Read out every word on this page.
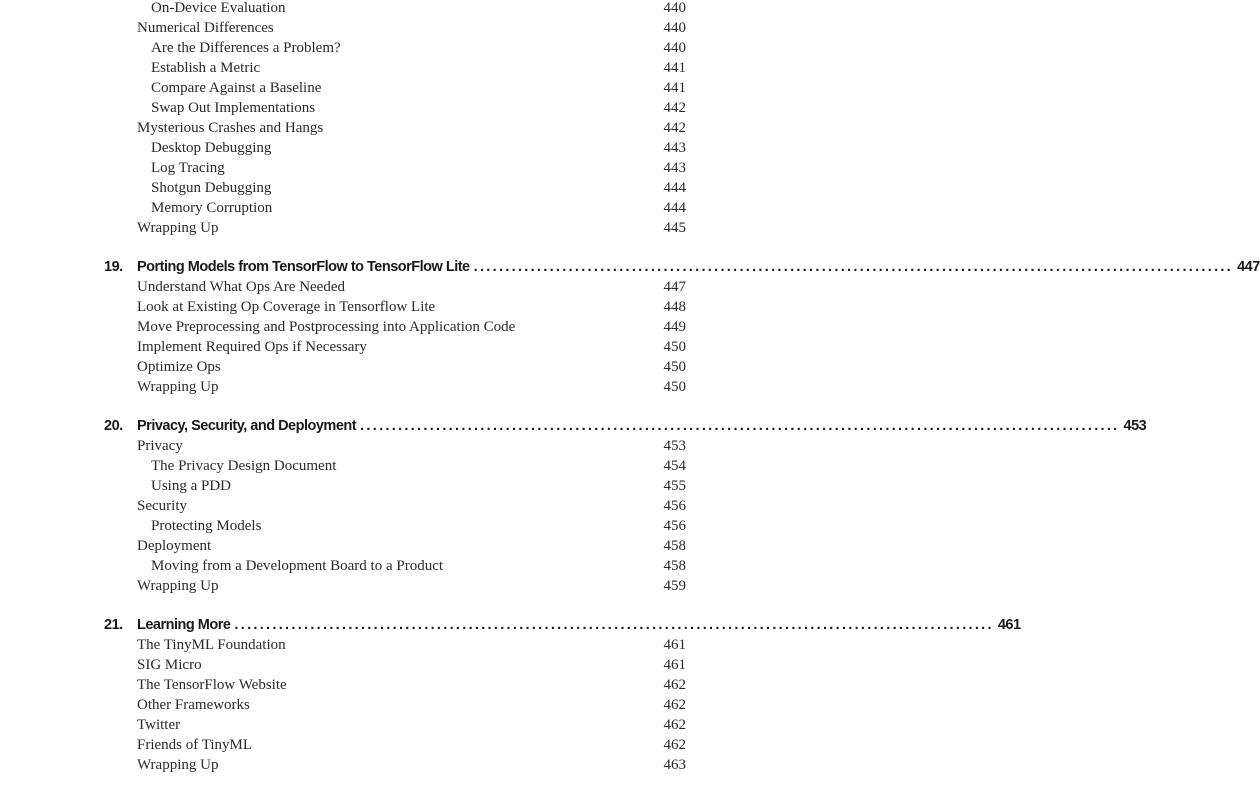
On-Device Evaluation	440
Numerical Differences	440
Are the Differences a Problem?	440
Establish a Metric	441
Compare Against a Baseline	441
Swap Out Implementations	442
Mysterious Crashes and Hangs	442
Desktop Debugging	443
Log Tracing	443
Shotgun Debugging	444
Memory Corruption	444
Wrapping Up	445
19. Porting Models from TensorFlow to TensorFlow Lite ........................................................................................................................ 447
Understand What Ops Are Needed	447
Look at Existing Op Coverage in Tensorflow Lite	448
Move Preprocessing and Postprocessing into Application Code	449
Implement Required Ops if Necessary	450
Optimize Ops	450
Wrapping Up	450
20. Privacy, Security, and Deployment ........................................................................................................................ 453
Privacy	453
The Privacy Design Document	454
Using a PDD	455
Security	456
Protecting Models	456
Deployment	458
Moving from a Development Board to a Product	458
Wrapping Up	459
21. Learning More ........................................................................................................................ 461
The TinyML Foundation	461
SIG Micro	461
The TensorFlow Website	462
Other Frameworks	462
Twitter	462
Friends of TinyML	462
Wrapping Up	463
